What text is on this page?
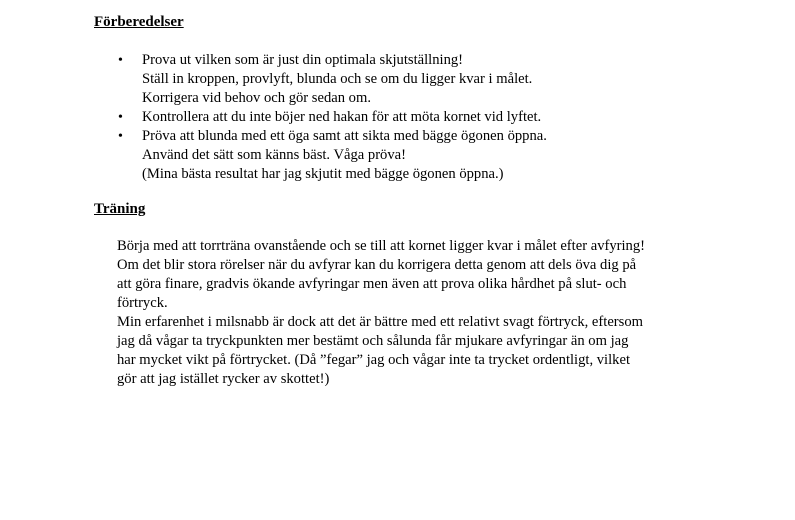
Förberedelser
• Prova ut vilken som är just din optimala skjutställning!
Ställ in kroppen, provlyft, blunda och se om du ligger kvar i målet.
Korrigera vid behov och gör sedan om.
• Kontrollera att du inte böjer ned hakan för att möta kornet vid lyftet.
• Pröva att blunda med ett öga samt att sikta med bägge ögonen öppna.
Använd det sätt som känns bäst. Våga pröva!
(Mina bästa resultat har jag skjutit med bägge ögonen öppna.)
Träning
Börja med att torrträna ovanstående och se till att kornet ligger kvar i målet efter avfyring!
Om det blir stora rörelser när du avfyrar kan du korrigera detta genom att dels öva dig på
att göra finare, gradvis ökande avfyringar men även att prova olika hårdhet på slut- och
förtryck.
Min erfarenhet i milsnabb är dock att det är bättre med ett relativt svagt förtryck, eftersom
jag då vågar ta tryckpunkten mer bestämt och sålunda får mjukare avfyringar än om jag
har mycket vikt på förtrycket. (Då ”fegar” jag och vågar inte ta trycket ordentligt, vilket
gör att jag istället rycker av skottet!)
